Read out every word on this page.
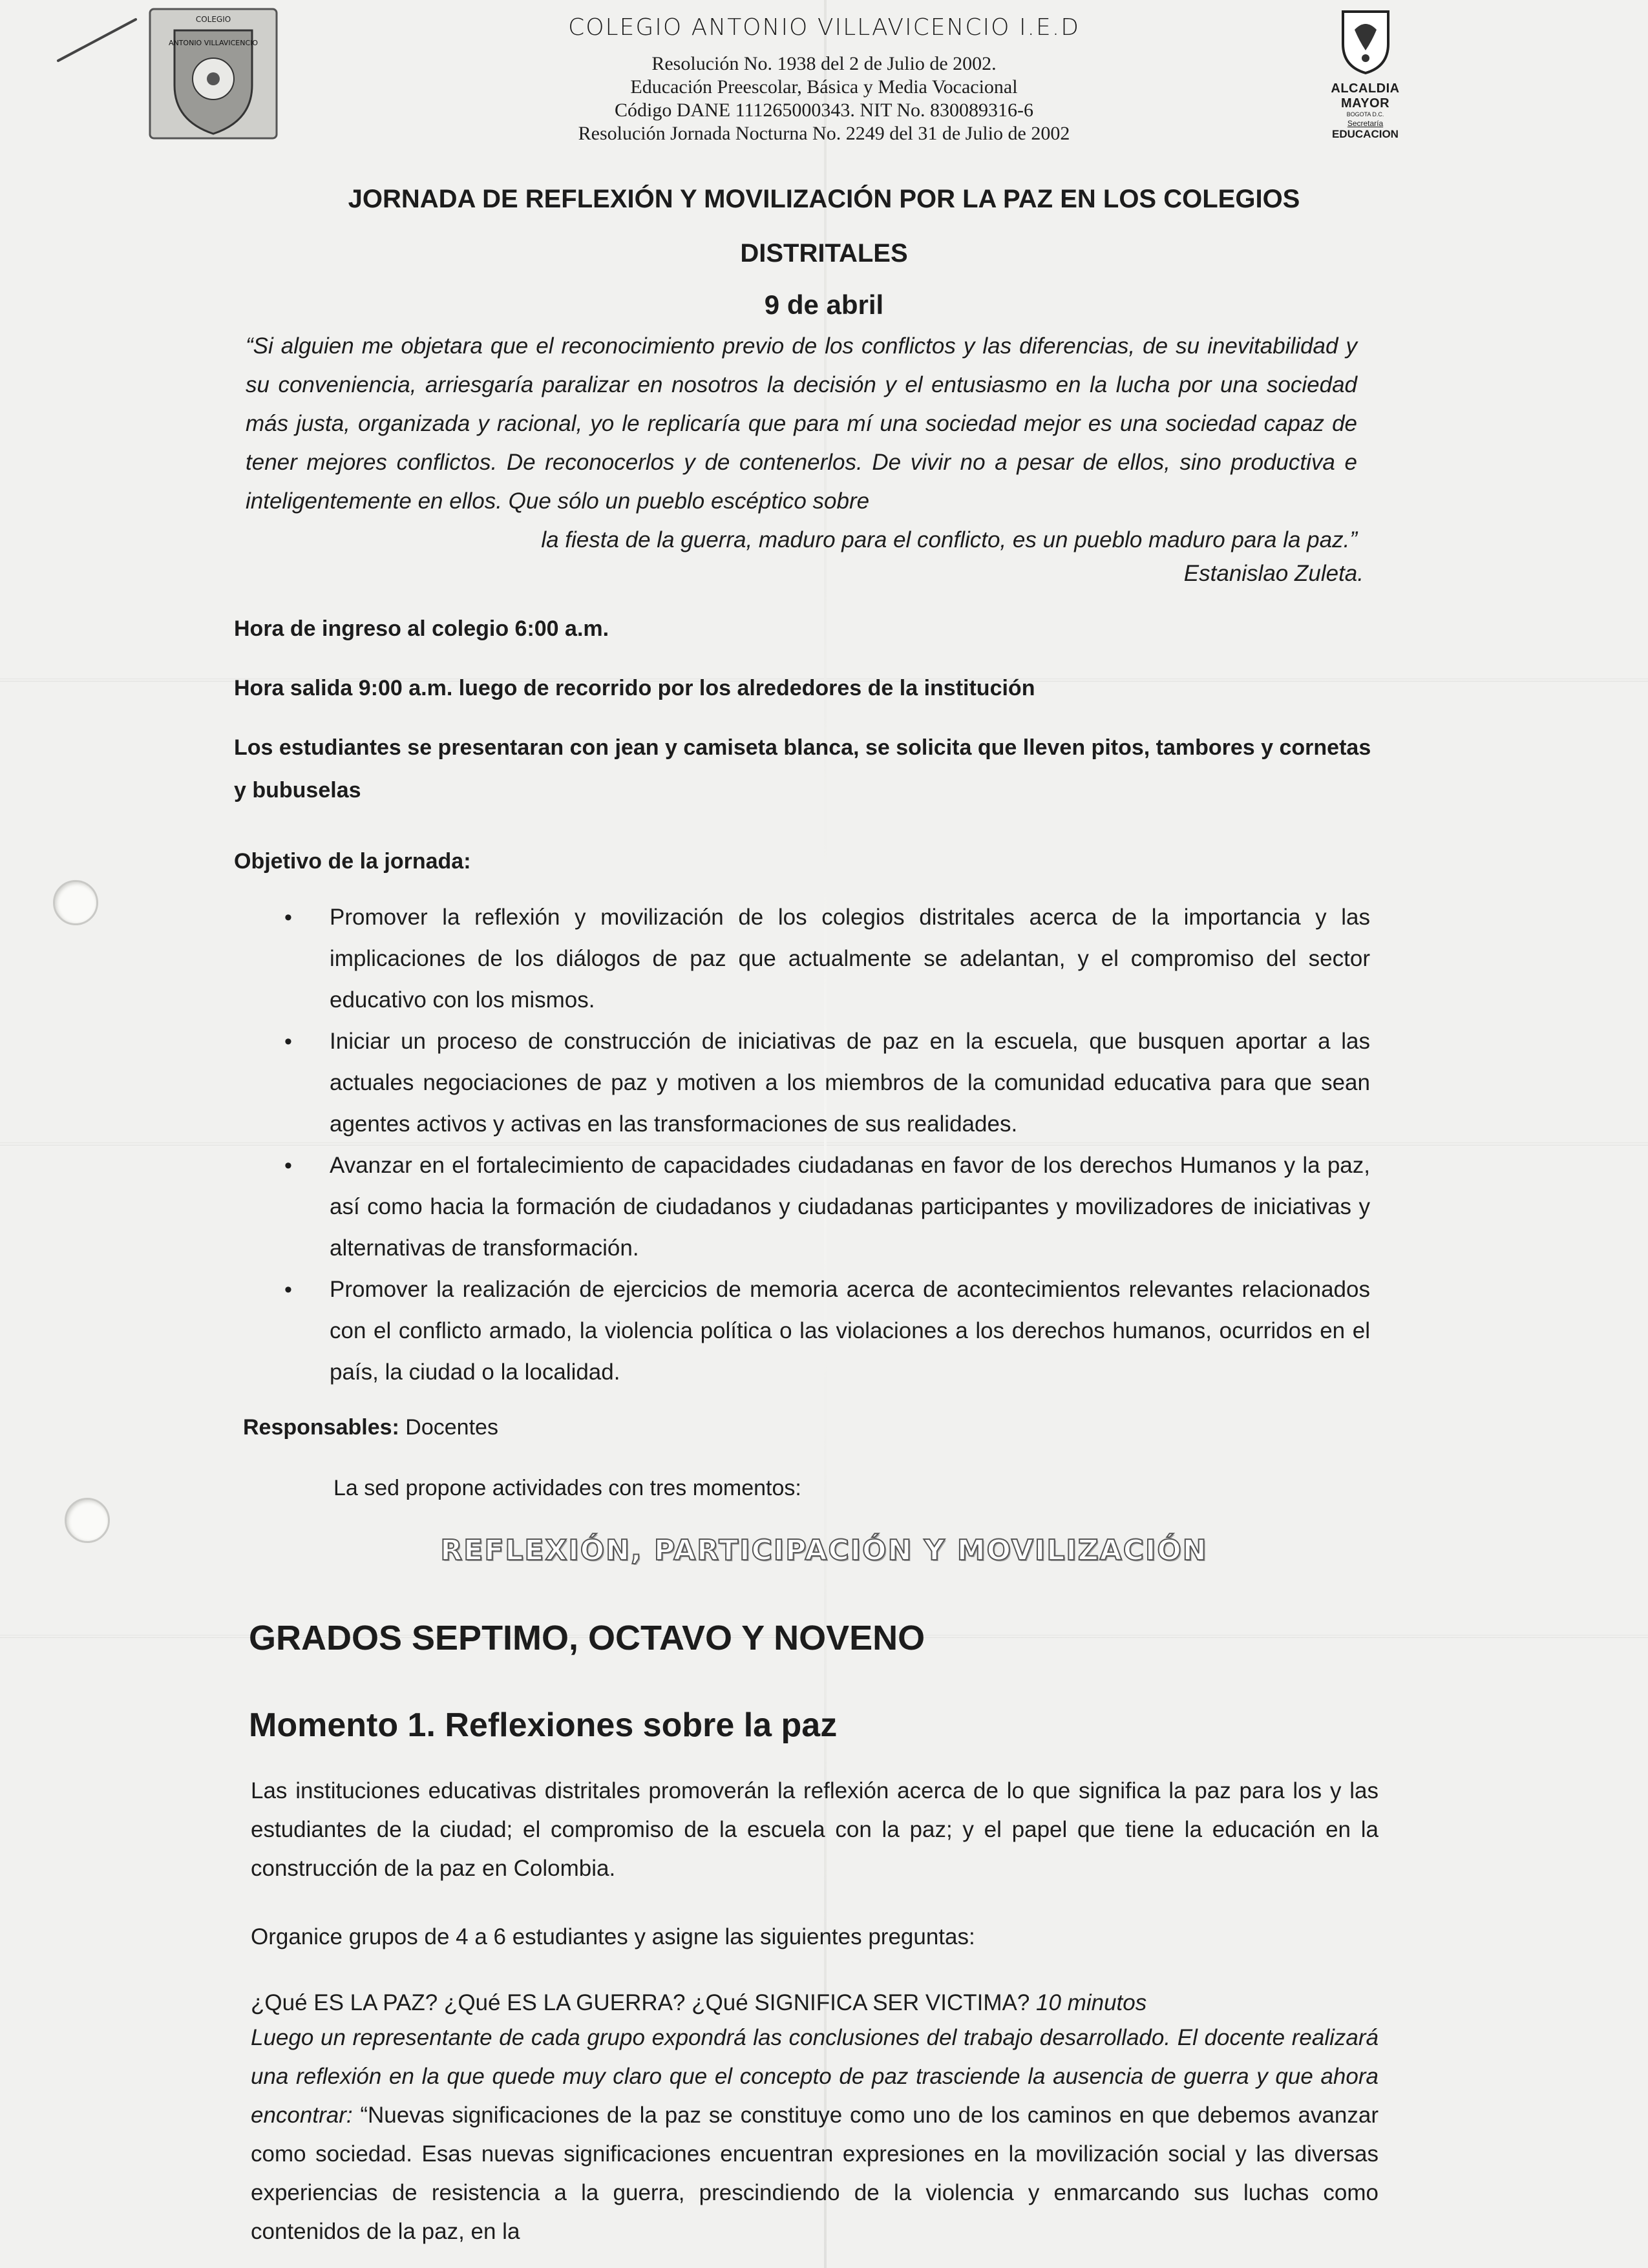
COLEGIO
ANTONIO VILLAVICENCIO
COLEGIO ANTONIO VILLAVICENCIO I.E.D
Resolución No. 1938 del 2 de Julio de 2002.
Educación Preescolar, Básica y Media Vocacional
Código DANE 111265000343. NIT No. 830089316-6
Resolución Jornada Nocturna No. 2249 del 31 de Julio de 2002
ALCALDIA MAYOR
BOGOTA D.C.
Secretaría
EDUCACION
JORNADA DE REFLEXIÓN Y MOVILIZACIÓN POR LA PAZ EN LOS COLEGIOS
DISTRITALES
9 de abril
“Si alguien me objetara que el reconocimiento previo de los conflictos y las diferencias, de su inevitabilidad y su conveniencia, arriesgaría paralizar en nosotros la decisión y el entusiasmo en la lucha por una sociedad más justa, organizada y racional, yo le replicaría que para mí una sociedad mejor es una sociedad capaz de tener mejores conflictos. De reconocerlos y de contenerlos. De vivir no a pesar de ellos, sino productiva e inteligentemente en ellos. Que sólo un pueblo escéptico sobre
la fiesta de la guerra, maduro para el conflicto, es un pueblo maduro para la paz.”
Estanislao Zuleta.
Hora de ingreso al colegio 6:00 a.m.
Hora salida 9:00 a.m. luego de recorrido por los alrededores de la institución
Los estudiantes se presentaran con jean y camiseta blanca, se solicita que lleven pitos, tambores y cornetas y bubuselas
Objetivo de la jornada:
• Promover la reflexión y movilización de los colegios distritales acerca de la importancia y las implicaciones de los diálogos de paz que actualmente se adelantan, y el compromiso del sector educativo con los mismos.
• Iniciar un proceso de construcción de iniciativas de paz en la escuela, que busquen aportar a las actuales negociaciones de paz y motiven a los miembros de la comunidad educativa para que sean agentes activos y activas en las transformaciones de sus realidades.
• Avanzar en el fortalecimiento de capacidades ciudadanas en favor de los derechos Humanos y la paz, así como hacia la formación de ciudadanos y ciudadanas participantes y movilizadores de iniciativas y alternativas de transformación.
• Promover la realización de ejercicios de memoria acerca de acontecimientos relevantes relacionados con el conflicto armado, la violencia política o las violaciones a los derechos humanos, ocurridos en el país, la ciudad o la localidad.
Responsables: Docentes
La sed propone actividades con tres momentos:
REFLEXIÓN, PARTICIPACIÓN Y MOVILIZACIÓN
GRADOS SEPTIMO, OCTAVO Y NOVENO
Momento 1. Reflexiones sobre la paz
Las instituciones educativas distritales promoverán la reflexión acerca de lo que significa la paz para los y las estudiantes de la ciudad; el compromiso de la escuela con la paz; y el papel que tiene la educación en la construcción de la paz en Colombia.
Organice grupos de 4 a 6 estudiantes y asigne las siguientes preguntas:
¿Qué ES LA PAZ? ¿Qué ES LA GUERRA? ¿Qué SIGNIFICA SER VICTIMA? 10 minutos
Luego un representante de cada grupo expondrá las conclusiones del trabajo desarrollado. El docente realizará una reflexión en la que quede muy claro que el concepto de paz trasciende la ausencia de guerra y que ahora encontrar: “Nuevas significaciones de la paz se constituye como uno de los caminos en que debemos avanzar como sociedad. Esas nuevas significaciones encuentran expresiones en la movilización social y las diversas experiencias de resistencia a la guerra, prescindiendo de la violencia y enmarcando sus luchas como contenidos de la paz, en la
